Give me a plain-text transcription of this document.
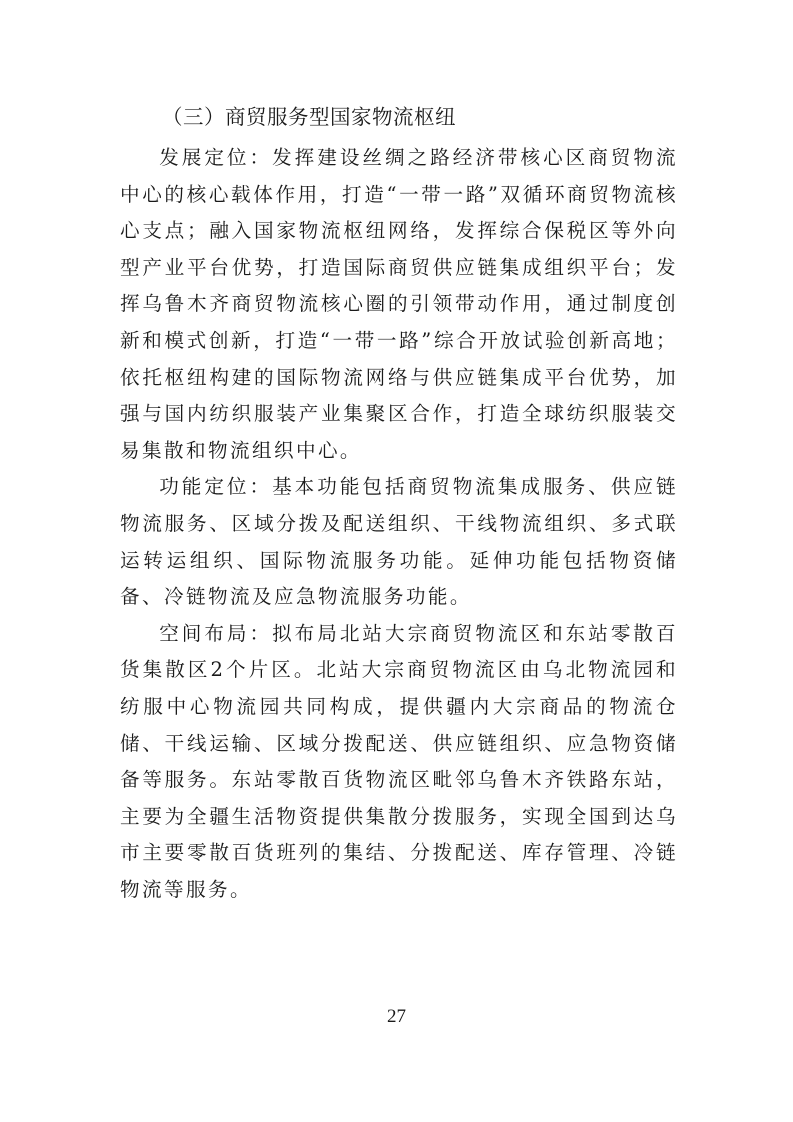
（三）商贸服务型国家物流枢纽

发展定位：发挥建设丝绸之路经济带核心区商贸物流中心的核心载体作用，打造“一带一路”双循环商贸物流核心支点；融入国家物流枢纽网络，发挥综合保税区等外向型产业平台优势，打造国际商贸供应链集成组织平台；发挥乌鲁木齐商贸物流核心圈的引领带动作用，通过制度创新和模式创新，打造“一带一路”综合开放试验创新高地；依托枢纽构建的国际物流网络与供应链集成平台优势，加强与国内纺织服装产业集聚区合作，打造全球纺织服装交易集散和物流组织中心。

功能定位：基本功能包括商贸物流集成服务、供应链物流服务、区域分拨及配送组织、干线物流组织、多式联运转运组织、国际物流服务功能。延伸功能包括物资储备、冷链物流及应急物流服务功能。

空间布局：拟布局北站大宗商贸物流区和东站零散百货集散区2个片区。北站大宗商贸物流区由乌北物流园和纺服中心物流园共同构成，提供疆内大宗商品的物流仓储、干线运输、区域分拨配送、供应链组织、应急物资储备等服务。东站零散百货物流区毗邻乌鲁木齐铁路东站，主要为全疆生活物资提供集散分拨服务，实现全国到达乌市主要零散百货班列的集结、分拨配送、库存管理、冷链物流等服务。

27
